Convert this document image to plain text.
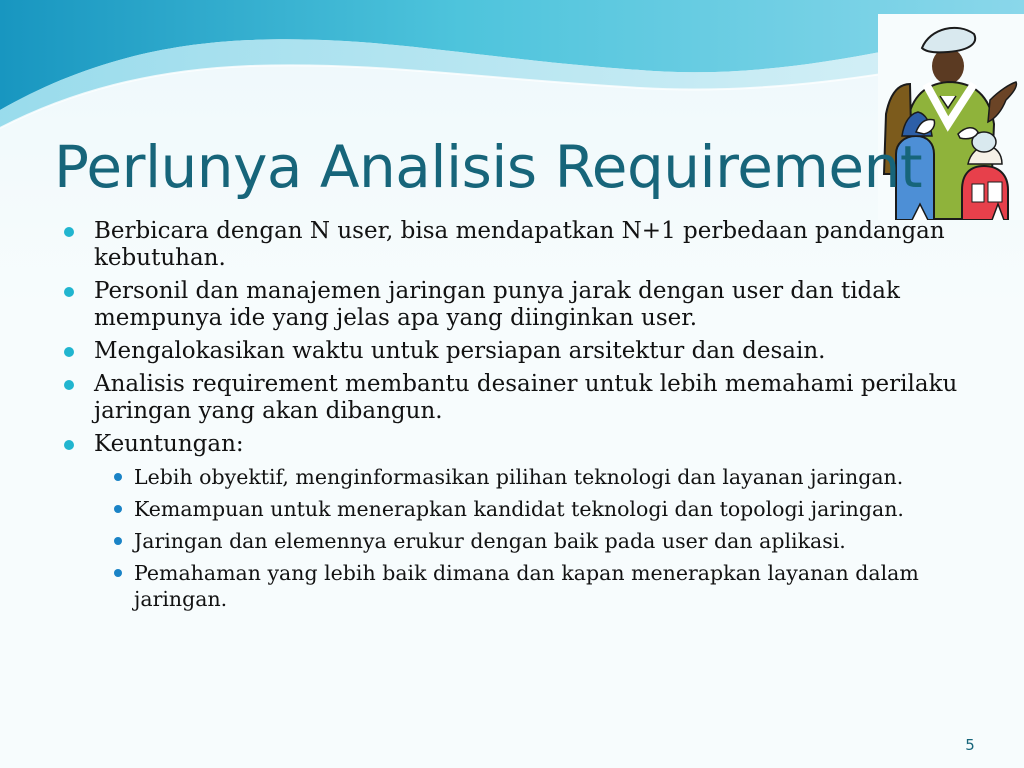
Perlunya Analisis Requirement
Berbicara dengan N user, bisa mendapatkan N+1 perbedaan pandangan kebutuhan.
Personil dan manajemen jaringan punya jarak dengan user dan tidak mempunya ide yang jelas apa yang diinginkan user.
Mengalokasikan waktu untuk persiapan arsitektur dan desain.
Analisis requirement membantu desainer untuk lebih memahami perilaku jaringan yang akan dibangun.
Keuntungan:
Lebih obyektif, menginformasikan pilihan teknologi dan layanan jaringan.
Kemampuan untuk menerapkan kandidat teknologi dan topologi jaringan.
Jaringan dan elemennya erukur dengan baik pada user dan aplikasi.
Pemahaman yang lebih baik dimana dan kapan menerapkan layanan dalam jaringan.
5
